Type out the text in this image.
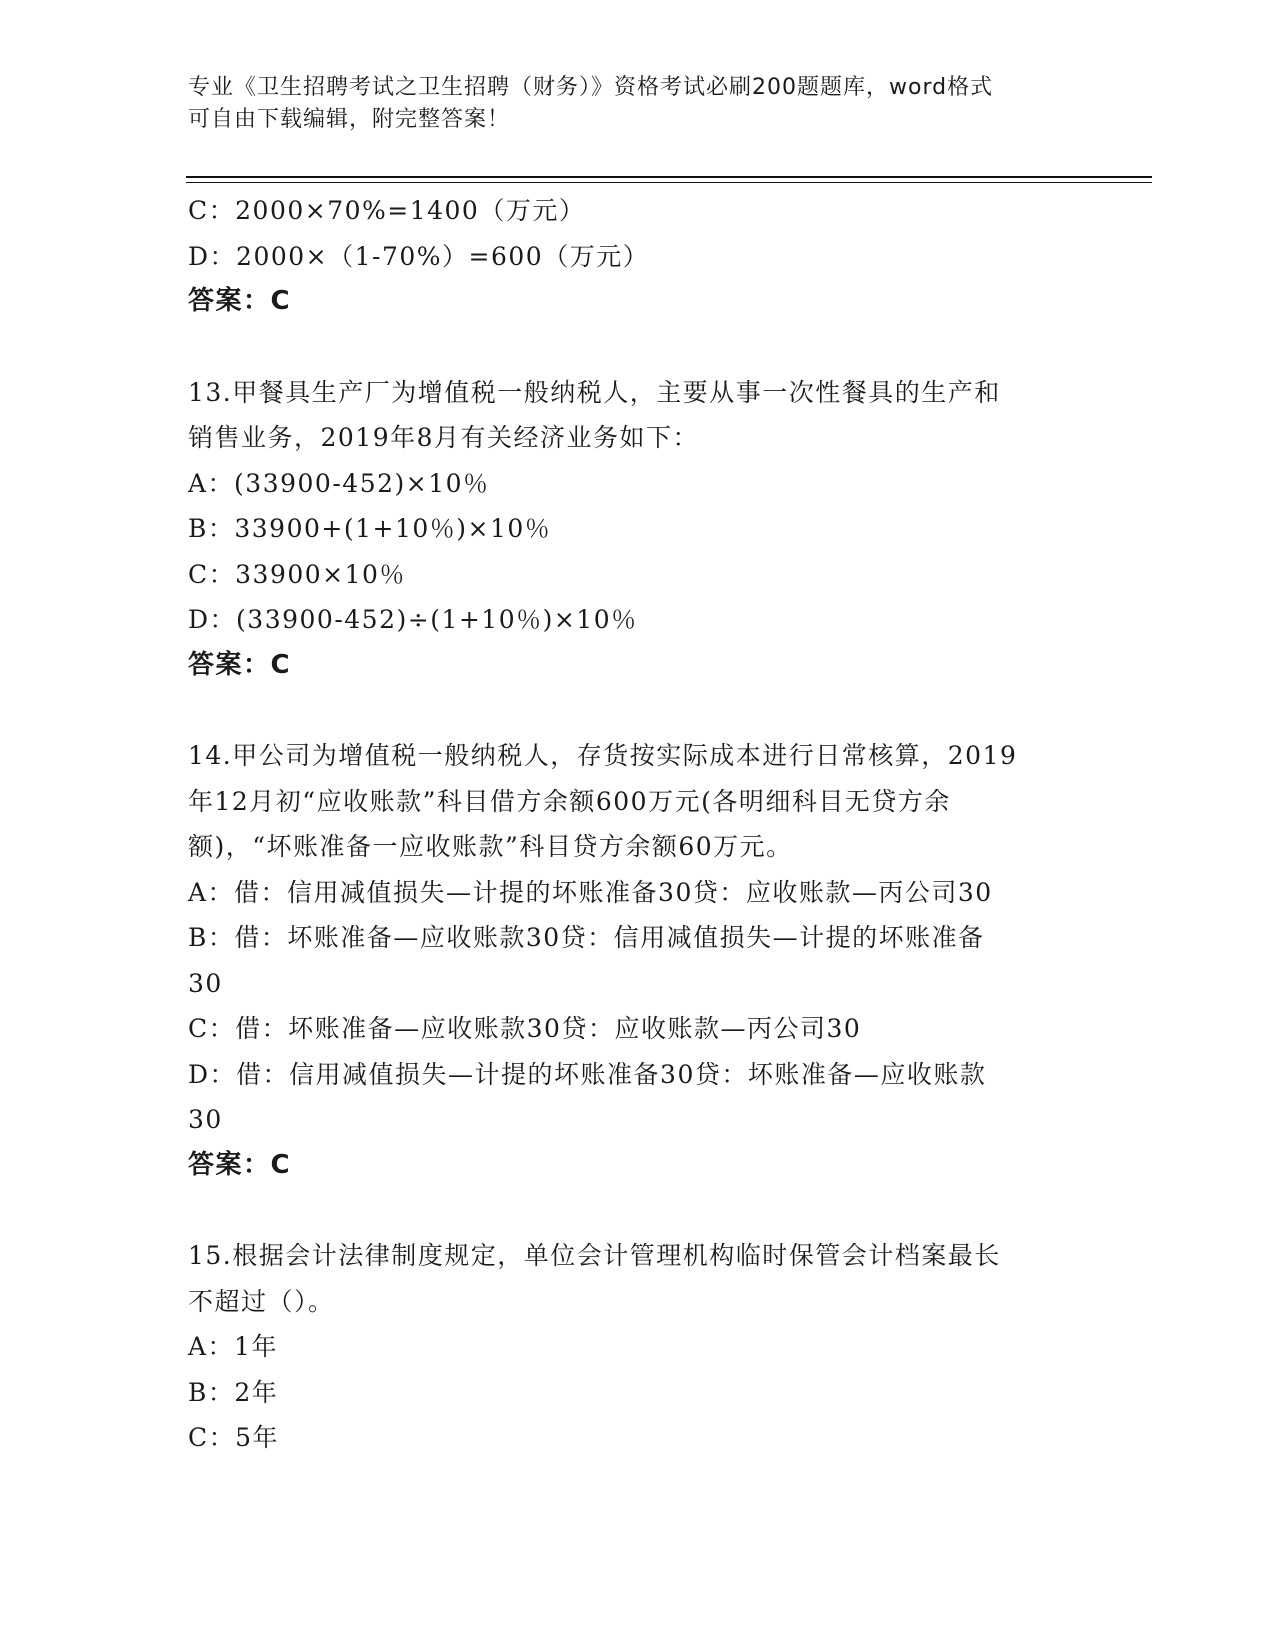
专业《卫生招聘考试之卫生招聘（财务）》资格考试必刷200题题库，word格式
可自由下载编辑，附完整答案！
C：2000×70%=1400（万元）
D：2000×（1-70%）=600（万元）
答案：C
13.甲餐具生产厂为增值税一般纳税人，主要从事一次性餐具的生产和
销售业务，2019年8月有关经济业务如下：
A：(33900-452)×10％
B：33900+(1+10％)×10％
C：33900×10％
D：(33900-452)÷(1+10％)×10％
答案：C
14.甲公司为增值税一般纳税人，存货按实际成本进行日常核算，2019
年12月初“应收账款”科目借方余额600万元(各明细科目无贷方余
额)，“坏账准备一应收账款”科目贷方余额60万元。
A：借：信用减值损失—计提的坏账准备30贷：应收账款—丙公司30
B：借：坏账准备—应收账款30贷：信用减值损失—计提的坏账准备
30
C：借：坏账准备—应收账款30贷：应收账款—丙公司30
D：借：信用减值损失—计提的坏账准备30贷：坏账准备—应收账款
30
答案：C
15.根据会计法律制度规定，单位会计管理机构临时保管会计档案最长
不超过（）。
A：1年
B：2年
C：5年
